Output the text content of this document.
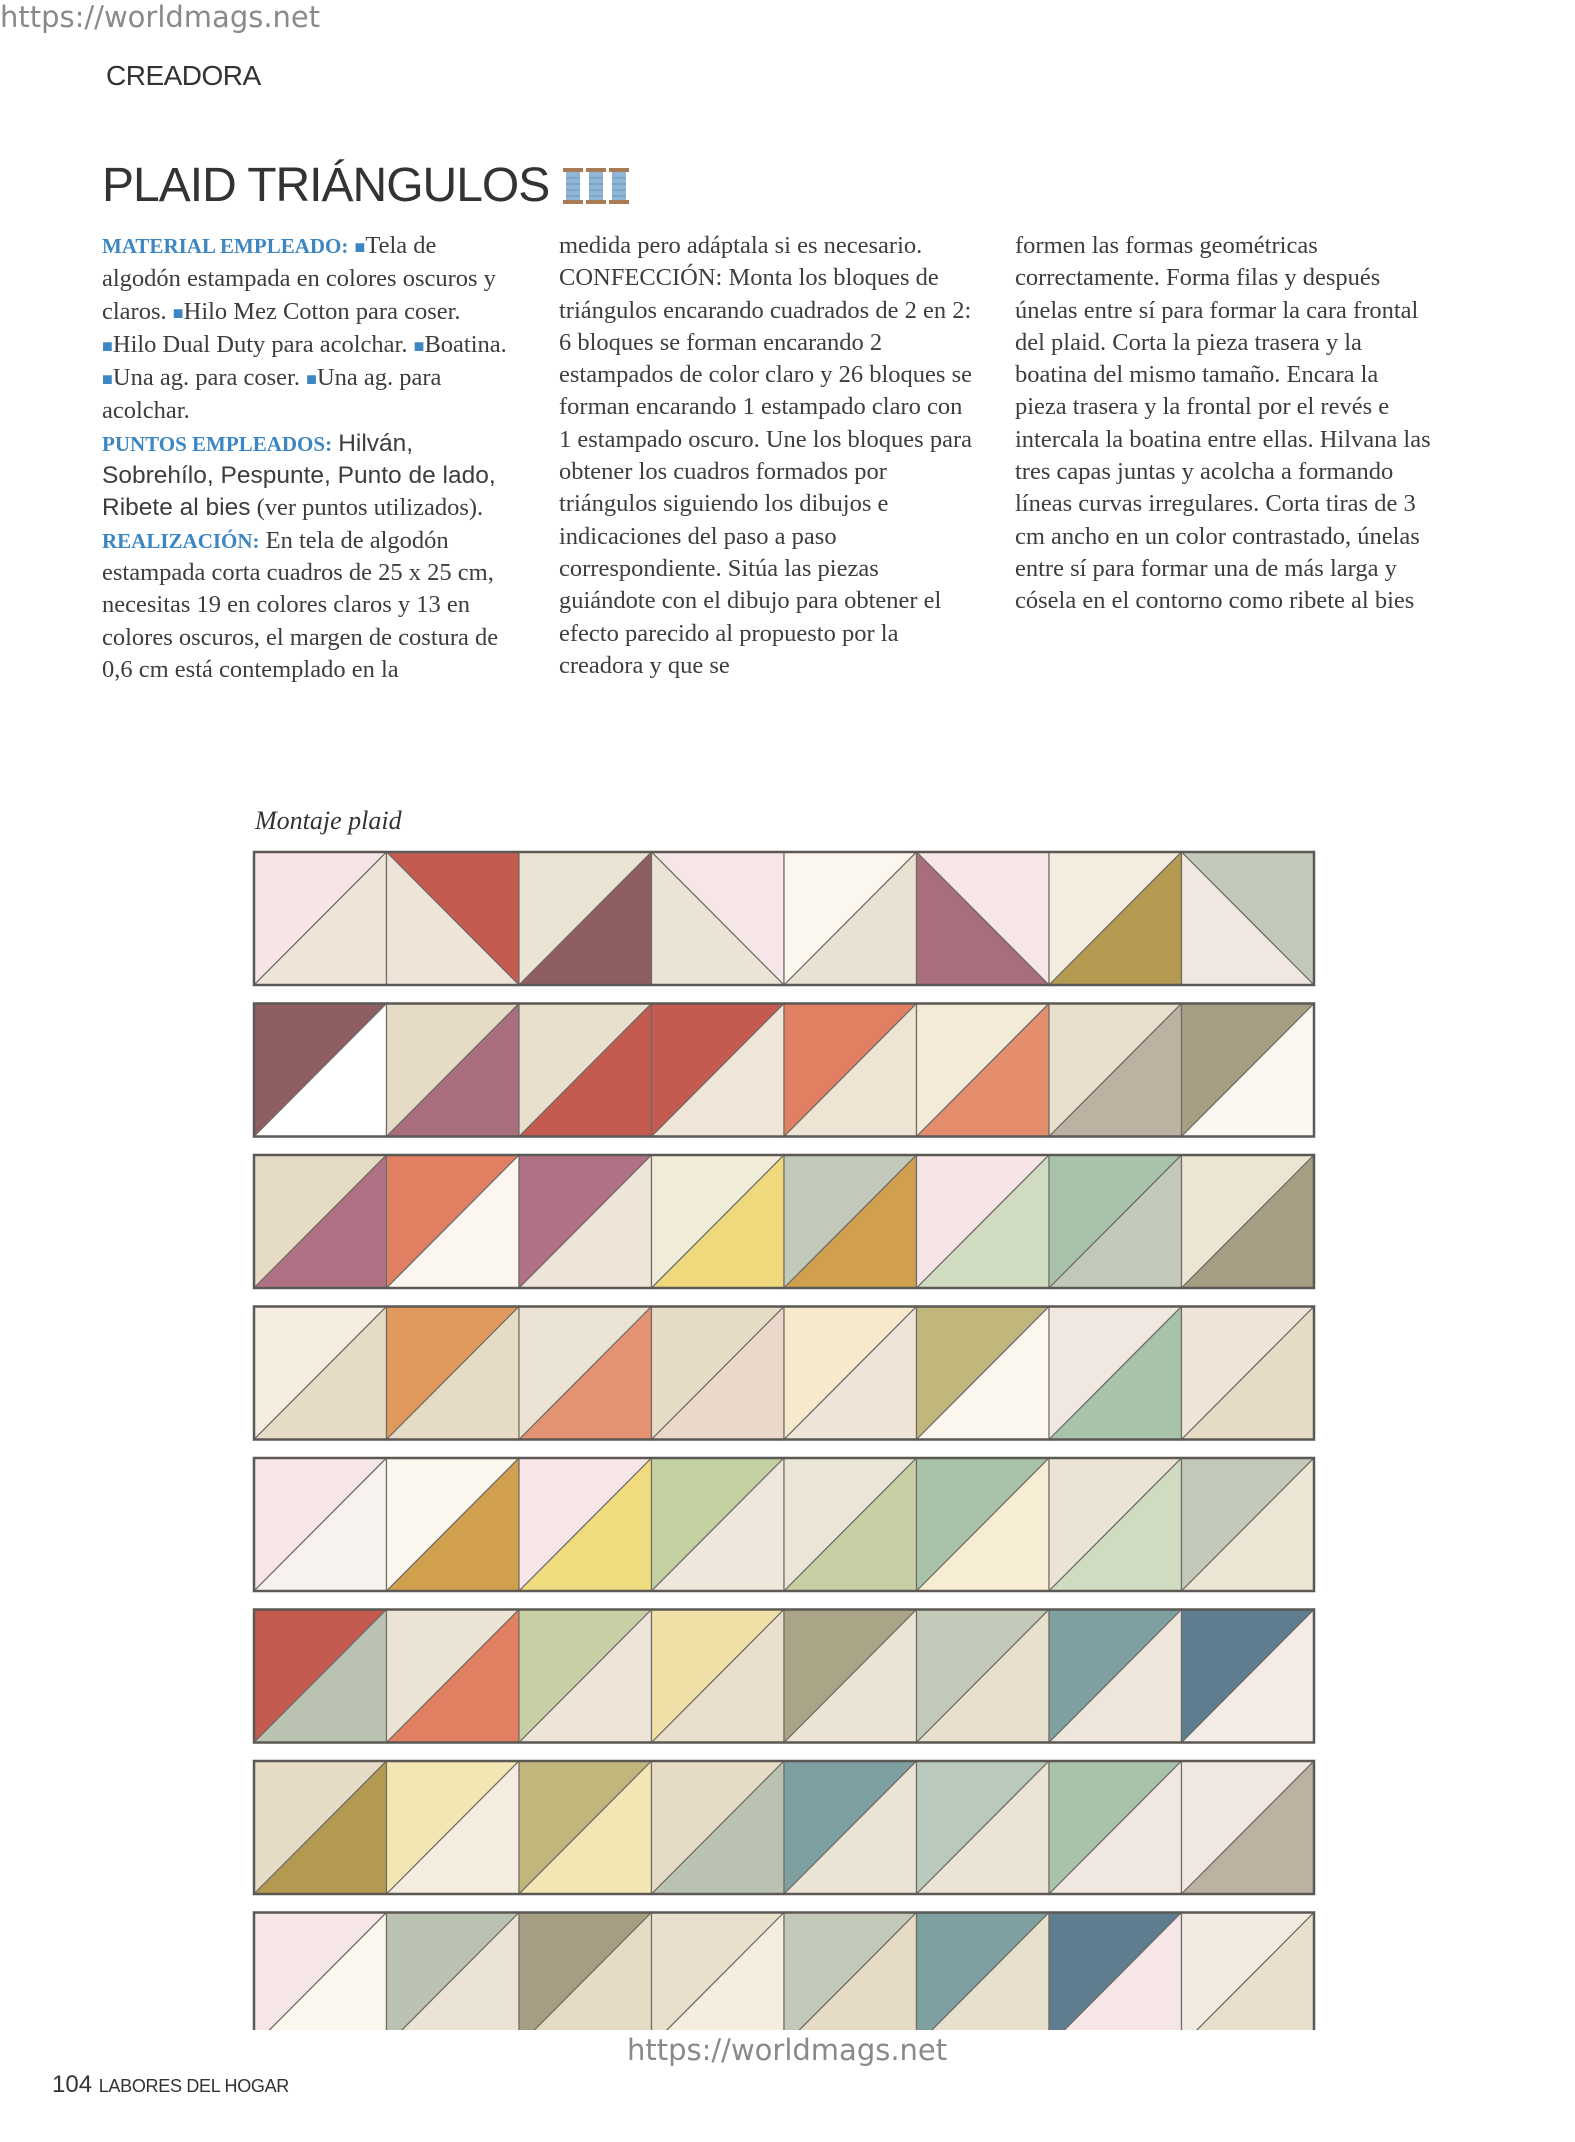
https://worldmags.net
CREADORA
PLAID TRIÁNGULOS

MATERIAL EMPLEADO: ■Tela de algodón estampada en colores oscuros y claros. ■Hilo Mez Cotton para coser. ■Hilo Dual Duty para acolchar. ■Boatina. ■Una ag. para coser. ■Una ag. para acolchar.

PUNTOS EMPLEADOS: Hilván, Sobrehílo, Pespunte, Punto de lado, Ribete al bies (ver puntos utilizados).

REALIZACIÓN: En tela de algodón estampada corta cuadros de 25 x 25 cm, necesitas 19 en colores claros y 13 en colores oscuros, el margen de costura de 0,6 cm está contemplado en la

medida pero adáptala si es necesario.

CONFECCIÓN: Monta los bloques de triángulos encarando cuadrados de 2 en 2: 6 bloques se forman encarando 2 estampados de color claro y 26 bloques se forman encarando 1 estampado claro con 1 estampado oscuro. Une los bloques para obtener los cuadros formados por triángulos siguiendo los dibujos e indicaciones del paso a paso correspondiente. Sitúa las piezas guiándote con el dibujo para obtener el efecto parecido al propuesto por la creadora y que se

formen las formas geométricas correctamente. Forma filas y después únelas entre sí para formar la cara frontal del plaid. Corta la pieza trasera y la boatina del mismo tamaño. Encara la pieza trasera y la frontal por el revés e intercala la boatina entre ellas. Hilvana las tres capas juntas y acolcha a formando líneas curvas irregulares. Corta tiras de 3 cm ancho en un color contrastado, únelas entre sí para formar una de más larga y cósela en el contorno como ribete al bies

Montaje plaid
104 LABORES DEL HOGAR
https://worldmags.net
